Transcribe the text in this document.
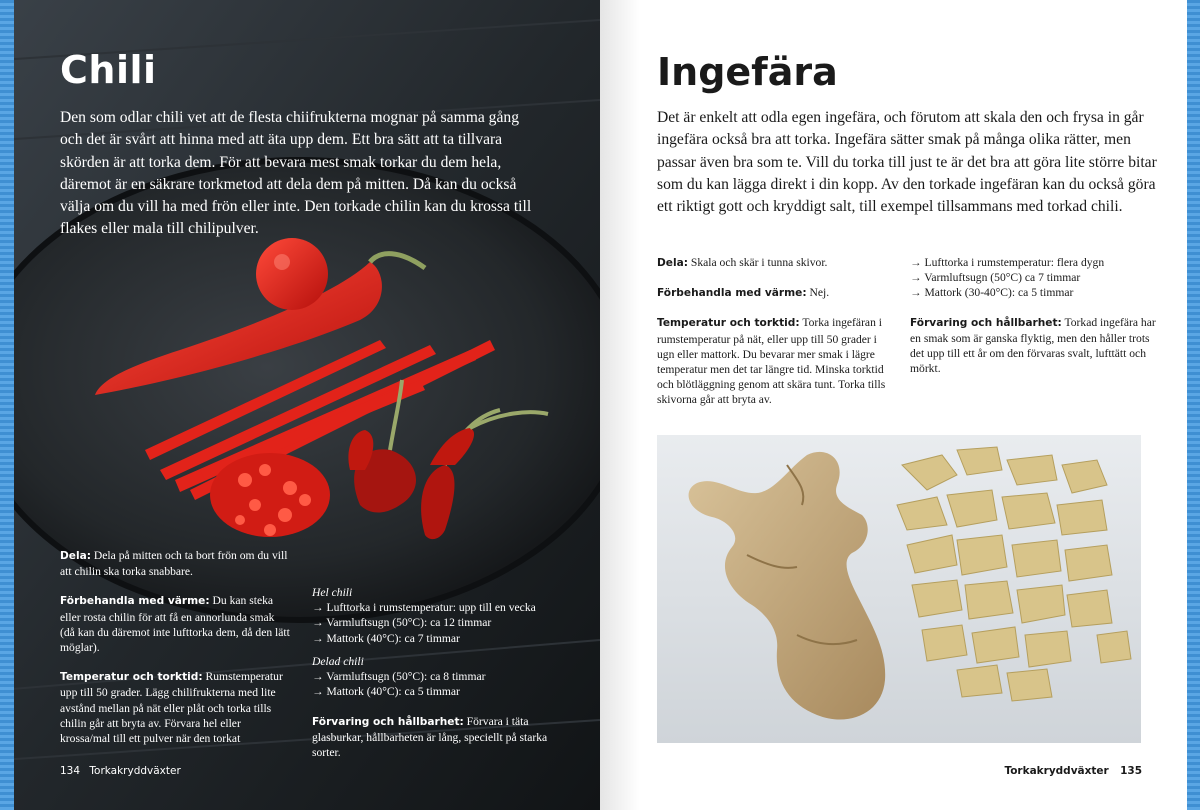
Chili

Den som odlar chili vet att de flesta chiifrukterna mognar på samma gång och det är svårt att hinna med att äta upp dem. Ett bra sätt att ta tillvara skörden är att torka dem. För att bevara mest smak torkar du dem hela, däremot är en säkrare torkmetod att dela dem på mitten. Då kan du också välja om du vill ha med frön eller inte. Den torkade chilin kan du krossa till flakes eller mala till chilipulver.

Dela: Dela på mitten och ta bort frön om du vill att chilin ska torka snabbare.

Förbehandla med värme: Du kan steka eller rosta chilin för att få en annorlunda smak (då kan du däremot inte lufttorka dem, då den lätt möglar).

Temperatur och torktid: Rumstemperatur upp till 50 grader. Lägg chilifrukterna med lite avstånd mellan på nät eller plåt och torka tills chilin går att bryta av. Förvara hel eller krossa/mal till ett pulver när den torkat

Hel chili
→ Lufttorka i rumstemperatur: upp till en vecka
→ Varmluftsugn (50°C): ca 12 timmar
→ Mattork (40°C): ca 7 timmar
Delad chili
→ Varmluftsugn (50°C): ca 8 timmar
→ Mattork (40°C): ca 5 timmar

Förvaring och hållbarhet: Förvara i täta glasburkar, hållbarheten är lång, speciellt på starka sorter.

134 Torkakryddväxter
Ingefära

Det är enkelt att odla egen ingefära, och förutom att skala den och frysa in går ingefära också bra att torka. Ingefära sätter smak på många olika rätter, men passar även bra som te. Vill du torka till just te är det bra att göra lite större bitar som du kan lägga direkt i din kopp. Av den torkade ingefäran kan du också göra ett riktigt gott och kryddigt salt, till exempel tillsammans med torkad chili.

Dela: Skala och skär i tunna skivor.

Förbehandla med värme: Nej.

Temperatur och torktid: Torka ingefäran i rumstemperatur på nät, eller upp till 50 grader i ugn eller mattork. Du bevarar mer smak i lägre temperatur men det tar längre tid. Minska torktid och blötläggning genom att skära tunt. Torka tills skivorna går att bryta av.

→ Lufttorka i rumstemperatur: flera dygn
→ Varmluftsugn (50°C) ca 7 timmar
→ Mattork (30-40°C): ca 5 timmar

Förvaring och hållbarhet: Torkad ingefära har en smak som är ganska flyktig, men den håller trots det upp till ett år om den förvaras svalt, lufttätt och mörkt.

Torkakryddväxter 135
